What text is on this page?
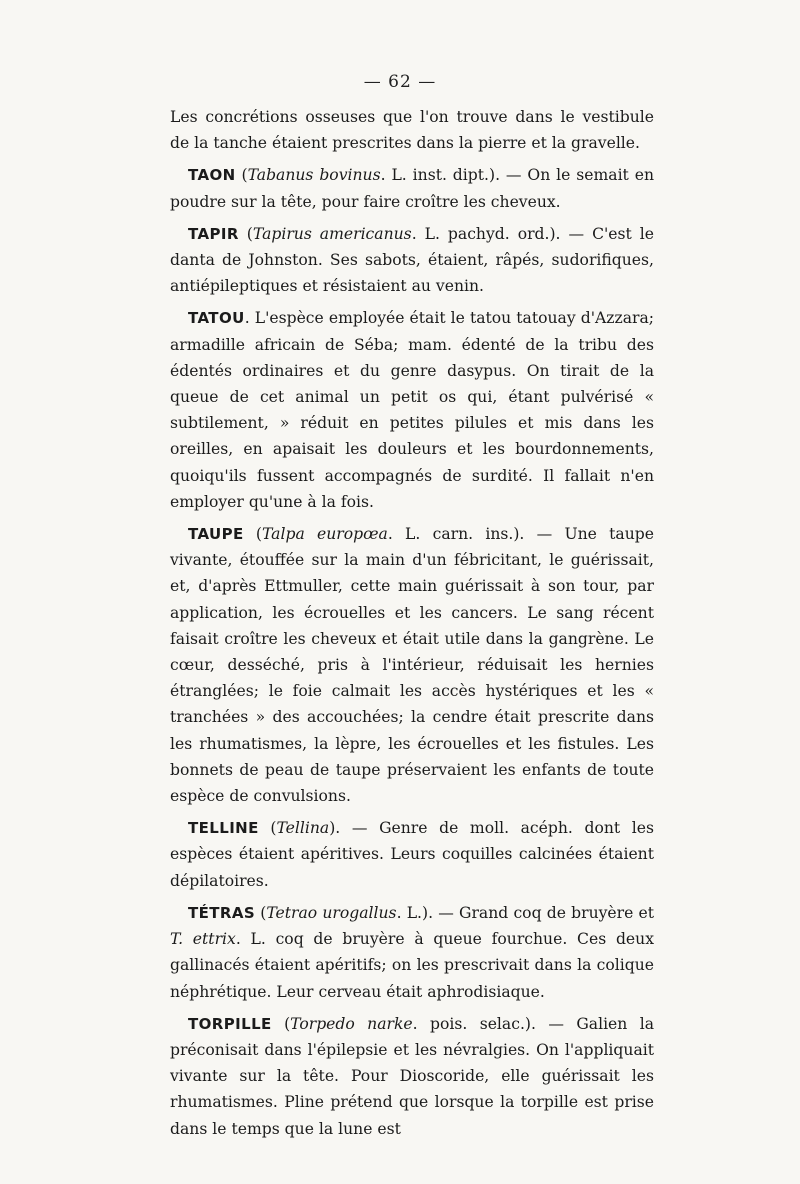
— 62 —

Les concrétions osseuses que l'on trouve dans le vestibule de la tanche étaient prescrites dans la pierre et la gravelle.

TAON (Tabanus bovinus. L. inst. dipt.). — On le semait en poudre sur la tête, pour faire croître les cheveux.

TAPIR (Tapirus americanus. L. pachyd. ord.). — C'est le danta de Johnston. Ses sabots, étaient, râpés, sudorifiques, antiépileptiques et résistaient au venin.

TATOU. L'espèce employée était le tatou tatouay d'Azzara; armadille africain de Séba; mam. édenté de la tribu des édentés ordinaires et du genre dasypus. On tirait de la queue de cet animal un petit os qui, étant pulvérisé « subtilement, » réduit en petites pilules et mis dans les oreilles, en apaisait les douleurs et les bourdonnements, quoiqu'ils fussent accompagnés de surdité. Il fallait n'en employer qu'une à la fois.

TAUPE (Talpa europœa. L. carn. ins.). — Une taupe vivante, étouffée sur la main d'un fébricitant, le guérissait, et, d'après Ettmuller, cette main guérissait à son tour, par application, les écrouelles et les cancers. Le sang récent faisait croître les cheveux et était utile dans la gangrène. Le cœur, desséché, pris à l'intérieur, réduisait les hernies étranglées; le foie calmait les accès hystériques et les « tranchées » des accouchées; la cendre était prescrite dans les rhumatismes, la lèpre, les écrouelles et les fistules. Les bonnets de peau de taupe préservaient les enfants de toute espèce de convulsions.

TELLINE (Tellina). — Genre de moll. acéph. dont les espèces étaient apéritives. Leurs coquilles calcinées étaient dépilatoires.

TÉTRAS (Tetrao urogallus. L.). — Grand coq de bruyère et T. ettrix. L. coq de bruyère à queue fourchue. Ces deux gallinacés étaient apéritifs; on les prescrivait dans la colique néphrétique. Leur cerveau était aphrodisiaque.

TORPILLE (Torpedo narke. pois. selac.). — Galien la préconisait dans l'épilepsie et les névralgies. On l'appliquait vivante sur la tête. Pour Dioscoride, elle guérissait les rhumatismes. Pline prétend que lorsque la torpille est prise dans le temps que la lune est
